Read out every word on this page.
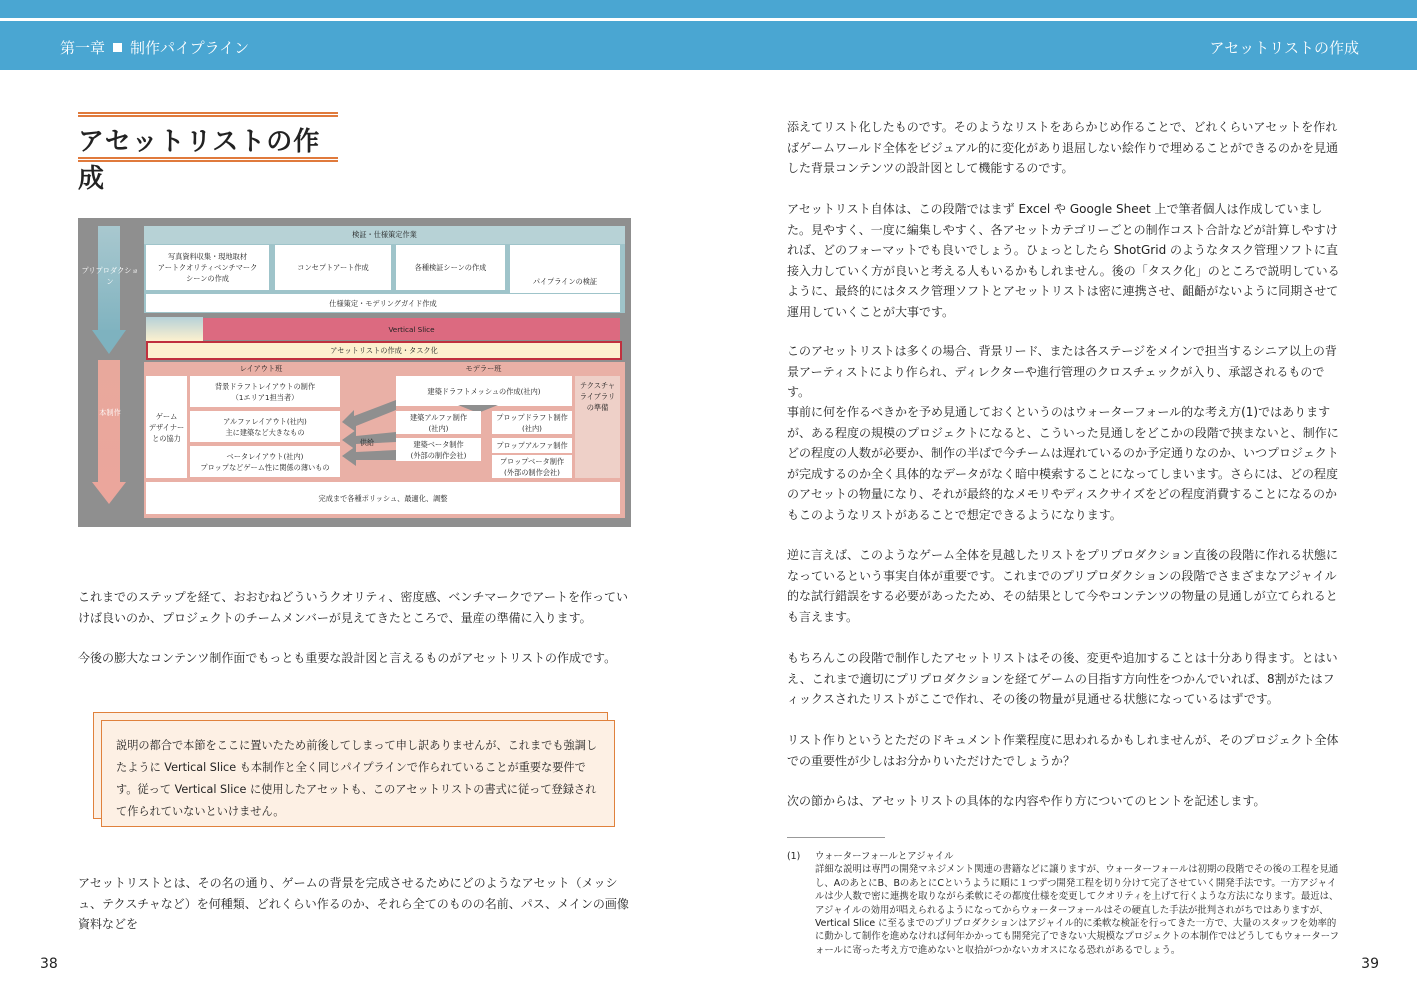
第一章 制作パイプライン	アセットリストの作成
アセットリストの作成
検証・仕様策定作業
プリプロダクション
本制作
写真資料収集・現地取材
アートクオリティベンチマーク
シーンの作成
コンセプトアート作成	各種検証シーンの作成
パイプラインの検証
仕様策定・モデリングガイド作成
Vertical Slice
アセットリストの作成・タスク化
レイアウト班	モデラー班
ゲーム
デザイナー
との協力
背景ドラフトレイアウトの制作
（1エリア1担当者）
アルファレイアウト(社内)
主に建築など大きなもの
ベータレイアウト(社内)
プロップなどゲーム性に関係の薄いもの
供給
建築ドラフトメッシュの作成(社内)
建築アルファ制作
(社内)
建築ベータ制作
(外部の制作会社)
プロップドラフト制作
(社内)
プロップアルファ制作
プロップベータ制作
(外部の制作会社)
テクスチャ
ライブラリ
の準備
完成まで各種ポリッシュ、最適化、調整
これまでのステップを経て、おおむねどういうクオリティ、密度感、ベンチマークでアートを作っていけば良いのか、プロジェクトのチームメンバーが見えてきたところで、量産の準備に入ります。
今後の膨大なコンテンツ制作面でもっとも重要な設計図と言えるものがアセットリストの作成です。
説明の都合で本節をここに置いたため前後してしまって申し訳ありませんが、これまでも強調したように Vertical Slice も本制作と全く同じパイプラインで作られていることが重要な要件です。従って Vertical Slice に使用したアセットも、このアセットリストの書式に従って登録されて作られていないといけません。
アセットリストとは、その名の通り、ゲームの背景を完成させるためにどのようなアセット（メッシュ、テクスチャなど）を何種類、どれくらい作るのか、それら全てのものの名前、パス、メインの画像資料などを
添えてリスト化したものです。そのようなリストをあらかじめ作ることで、どれくらいアセットを作ればゲームワールド全体をビジュアル的に変化があり退屈しない絵作りで埋めることができるのかを見通した背景コンテンツの設計図として機能するのです。
アセットリスト自体は、この段階ではまず Excel や Google Sheet 上で筆者個人は作成していました。見やすく、一度に編集しやすく、各アセットカテゴリーごとの制作コスト合計などが計算しやすければ、どのフォーマットでも良いでしょう。ひょっとしたら ShotGrid のようなタスク管理ソフトに直接入力していく方が良いと考える人もいるかもしれません。後の「タスク化」のところで説明しているように、最終的にはタスク管理ソフトとアセットリストは密に連携させ、齟齬がないように同期させて運用していくことが大事です。
このアセットリストは多くの場合、背景リード、または各ステージをメインで担当するシニア以上の背景アーティストにより作られ、ディレクターや進行管理のクロスチェックが入り、承認されるものです。
事前に何を作るべきかを予め見通しておくというのはウォーターフォール的な考え方(1)ではありますが、ある程度の規模のプロジェクトになると、こういった見通しをどこかの段階で挟まないと、制作にどの程度の人数が必要か、制作の半ばで今チームは遅れているのか予定通りなのか、いつプロジェクトが完成するのか全く具体的なデータがなく暗中模索することになってしまいます。さらには、どの程度のアセットの物量になり、それが最終的なメモリやディスクサイズをどの程度消費することになるのかもこのようなリストがあることで想定できるようになります。
逆に言えば、このようなゲーム全体を見越したリストをプリプロダクション直後の段階に作れる状態になっているという事実自体が重要です。これまでのプリプロダクションの段階でさまざまなアジャイル的な試行錯誤をする必要があったため、その結果として今やコンテンツの物量の見通しが立てられるとも言えます。
もちろんこの段階で制作したアセットリストはその後、変更や追加することは十分あり得ます。とはいえ、これまで適切にプリプロダクションを経てゲームの目指す方向性をつかんでいれば、8割がたはフィックスされたリストがここで作れ、その後の物量が見通せる状態になっているはずです。
リスト作りというとただのドキュメント作業程度に思われるかもしれませんが、そのプロジェクト全体での重要性が少しはお分かりいただけたでしょうか？
次の節からは、アセットリストの具体的な内容や作り方についてのヒントを記述します。
(1) ウォーターフォールとアジャイル
詳細な説明は専門の開発マネジメント関連の書籍などに譲りますが、ウォーターフォールは初期の段階でその後の工程を見通し、AのあとにB、BのあとにCというように順に１つずつ開発工程を切り分けて完了させていく開発手法です。一方アジャイルは少人数で密に連携を取りながら柔軟にその都度仕様を変更してクオリティを上げて行くような方法になります。最近は、アジャイルの効用が唱えられるようになってからウォーターフォールはその硬直した手法が批判されがちではありますが、Vertical Slice に至るまでのプリプロダクションはアジャイル的に柔軟な検証を行ってきた一方で、大量のスタッフを効率的に動かして制作を進めなければ何年かかっても開発完了できない大規模なプロジェクトの本制作ではどうしてもウォーターフォールに寄った考え方で進めないと収拾がつかないカオスになる恐れがあるでしょう。
38	39
